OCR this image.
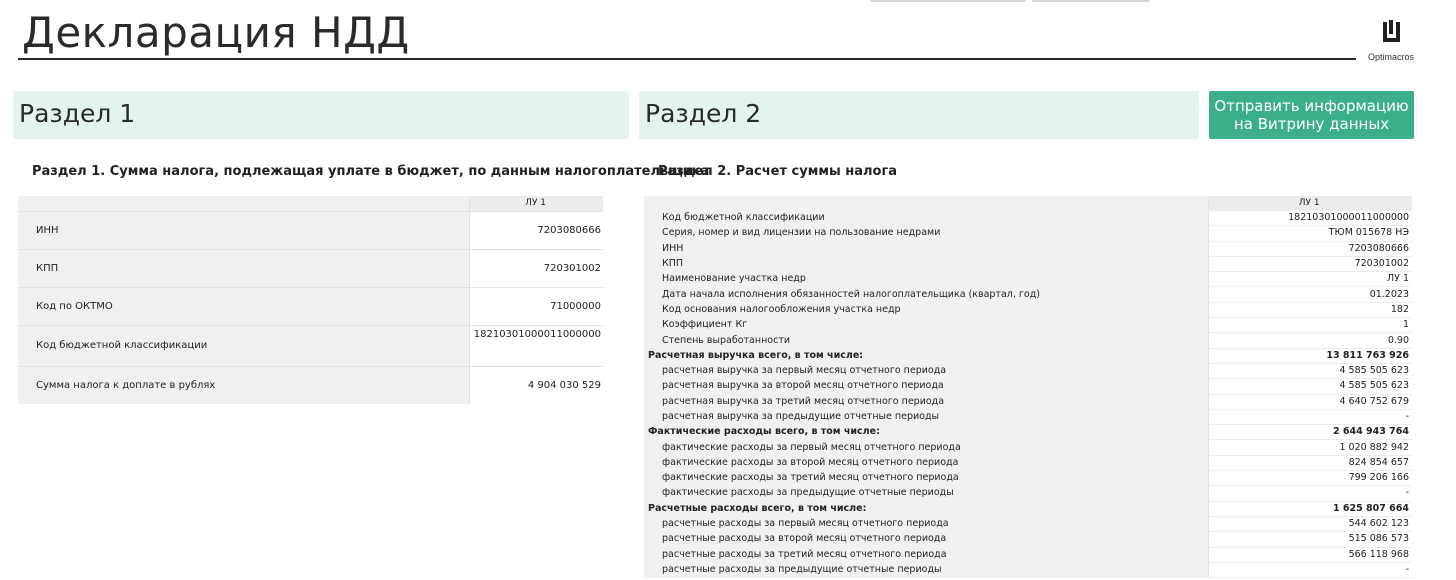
Декларация НДД	Optimacros
Раздел 1	Раздел 2	Отправить информацию на Витрину данных
Раздел 1. Сумма налога, подлежащая уплате в бюджет, по данным налогоплательщика
Раздел 2. Расчет суммы налога
	ЛУ 1
ИНН	7203080666
КПП	720301002
Код по ОКТМО	71000000
Код бюджетной классификации	18210301000011000000
Сумма налога к доплате в рублях	4 904 030 529
	ЛУ 1
Код бюджетной классификации	18210301000011000000
Серия, номер и вид лицензии на пользование недрами	ТЮМ 015678 НЭ
ИНН	7203080666
КПП	720301002
Наименование участка недр	ЛУ 1
Дата начала исполнения обязанностей налогоплательщика (квартал, год)	01.2023
Код основания налогообложения участка недр	182
Коэффициент Кг	1
Степень выработанности	0.90
Расчетная выручка всего, в том числе:	13 811 763 926
расчетная выручка за первый месяц отчетного периода	4 585 505 623
расчетная выручка за второй месяц отчетного периода	4 585 505 623
расчетная выручка за третий месяц отчетного периода	4 640 752 679
расчетная выручка за предыдущие отчетные периоды	-
Фактические расходы всего, в том числе:	2 644 943 764
фактические расходы за первый месяц отчетного периода	1 020 882 942
фактические расходы за второй месяц отчетного периода	824 854 657
фактические расходы за третий месяц отчетного периода	799 206 166
фактические расходы за предыдущие отчетные периоды	-
Расчетные расходы всего, в том числе:	1 625 807 664
расчетные расходы за первый месяц отчетного периода	544 602 123
расчетные расходы за второй месяц отчетного периода	515 086 573
расчетные расходы за третий месяц отчетного периода	566 118 968
расчетные расходы за предыдущие отчетные периоды	-
